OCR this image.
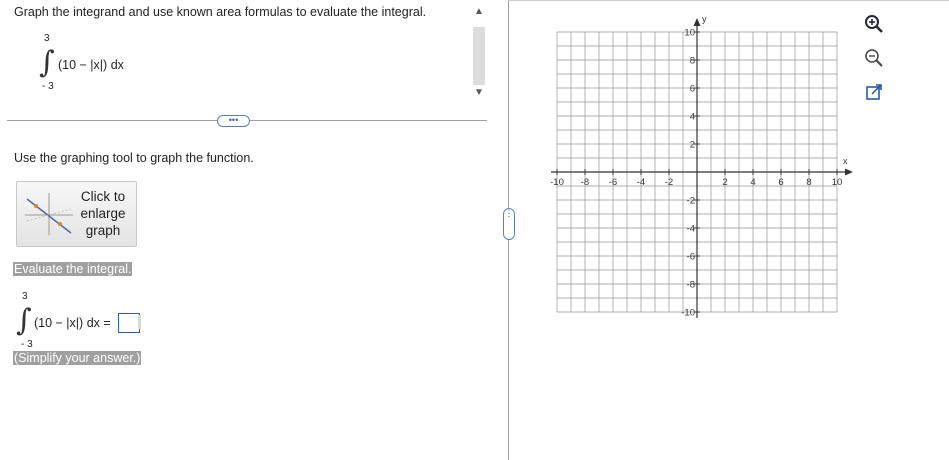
Graph the integrand and use known area formulas to evaluate the integral.
3
∫
- 3
(10 − |x|) dx
▲
▼
•••
Use the graphing tool to graph the function.
Click to
enlarge
graph
Evaluate the integral.
3
∫
- 3
(10 − |x|) dx =
(Simplify your answer.)
⋮
x
y
-10 -8 -6 -4 -2	2 4 6 8 10
10
8
6
4
2
-2
-4
-6
-8
-10
